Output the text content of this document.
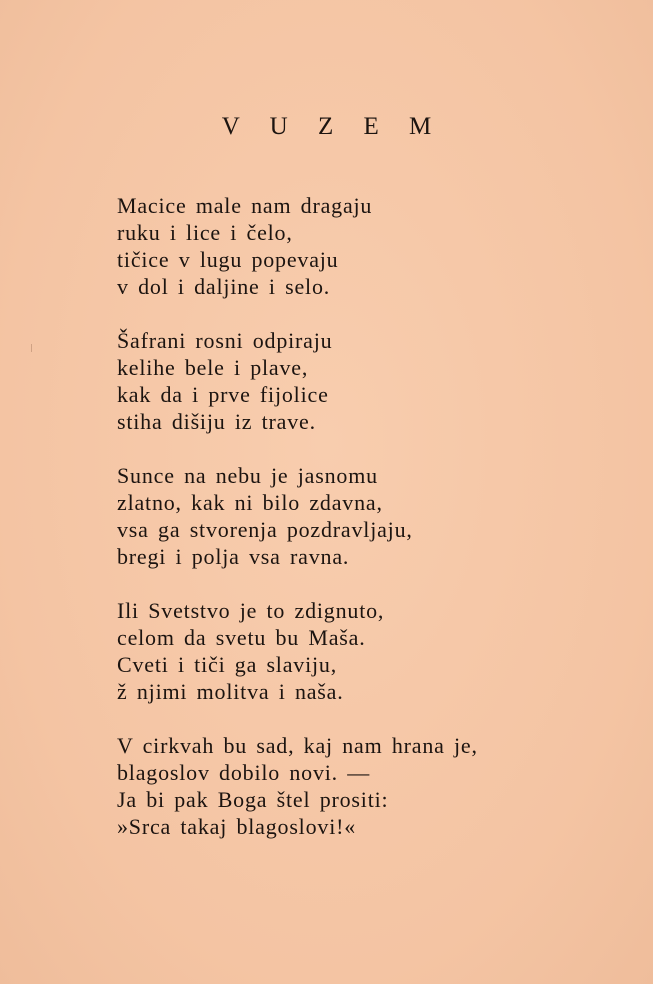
V U Z E M
Macice male nam dragaju
ruku i lice i čelo,
tičice v lugu popevaju
v dol i daljine i selo.
Šafrani rosni odpiraju
kelihe bele i plave,
kak da i prve fijolice
stiha dišiju iz trave.
Sunce na nebu je jasnomu
zlatno, kak ni bilo zdavna,
vsa ga stvorenja pozdravljaju,
bregi i polja vsa ravna.
Ili Svetstvo je to zdignuto,
celom da svetu bu Maša.
Cveti i tiči ga slaviju,
ž njimi molitva i naša.
V cirkvah bu sad, kaj nam hrana je,
blagoslov dobilo novi. —
Ja bi pak Boga štel prositi:
»Srca takaj blagoslovi!«
